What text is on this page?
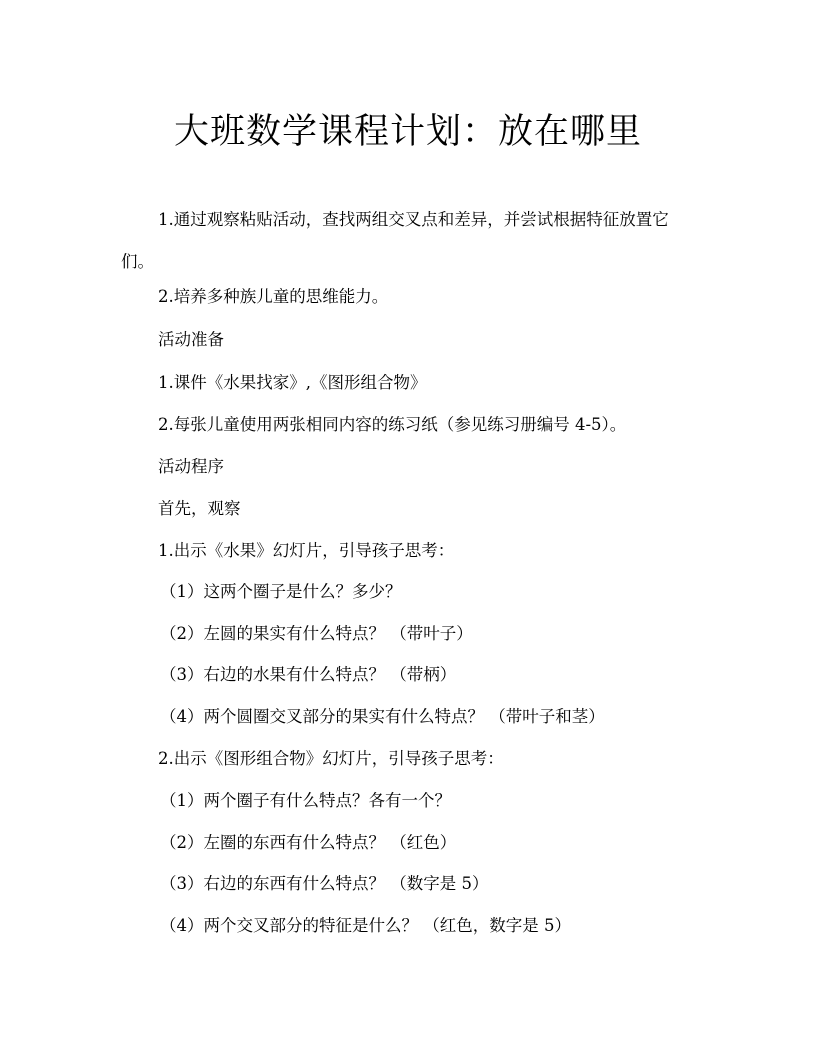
大班数学课程计划：放在哪里

1.通过观察粘贴活动，查找两组交叉点和差异，并尝试根据特征放置它们。

2.培养多种族儿童的思维能力。

活动准备

1.课件《水果找家》,《图形组合物》

2.每张儿童使用两张相同内容的练习纸（参见练习册编号 4-5）。

活动程序

首先，观察

1.出示《水果》幻灯片，引导孩子思考：

（1）这两个圈子是什么？多少？

（2）左圆的果实有什么特点？ （带叶子）

（3）右边的水果有什么特点？ （带柄）

（4）两个圆圈交叉部分的果实有什么特点？ （带叶子和茎）

2.出示《图形组合物》幻灯片，引导孩子思考：

（1）两个圈子有什么特点？各有一个？

（2）左圈的东西有什么特点？ （红色）

（3）右边的东西有什么特点？ （数字是 5）

（4）两个交叉部分的特征是什么？ （红色，数字是 5）
